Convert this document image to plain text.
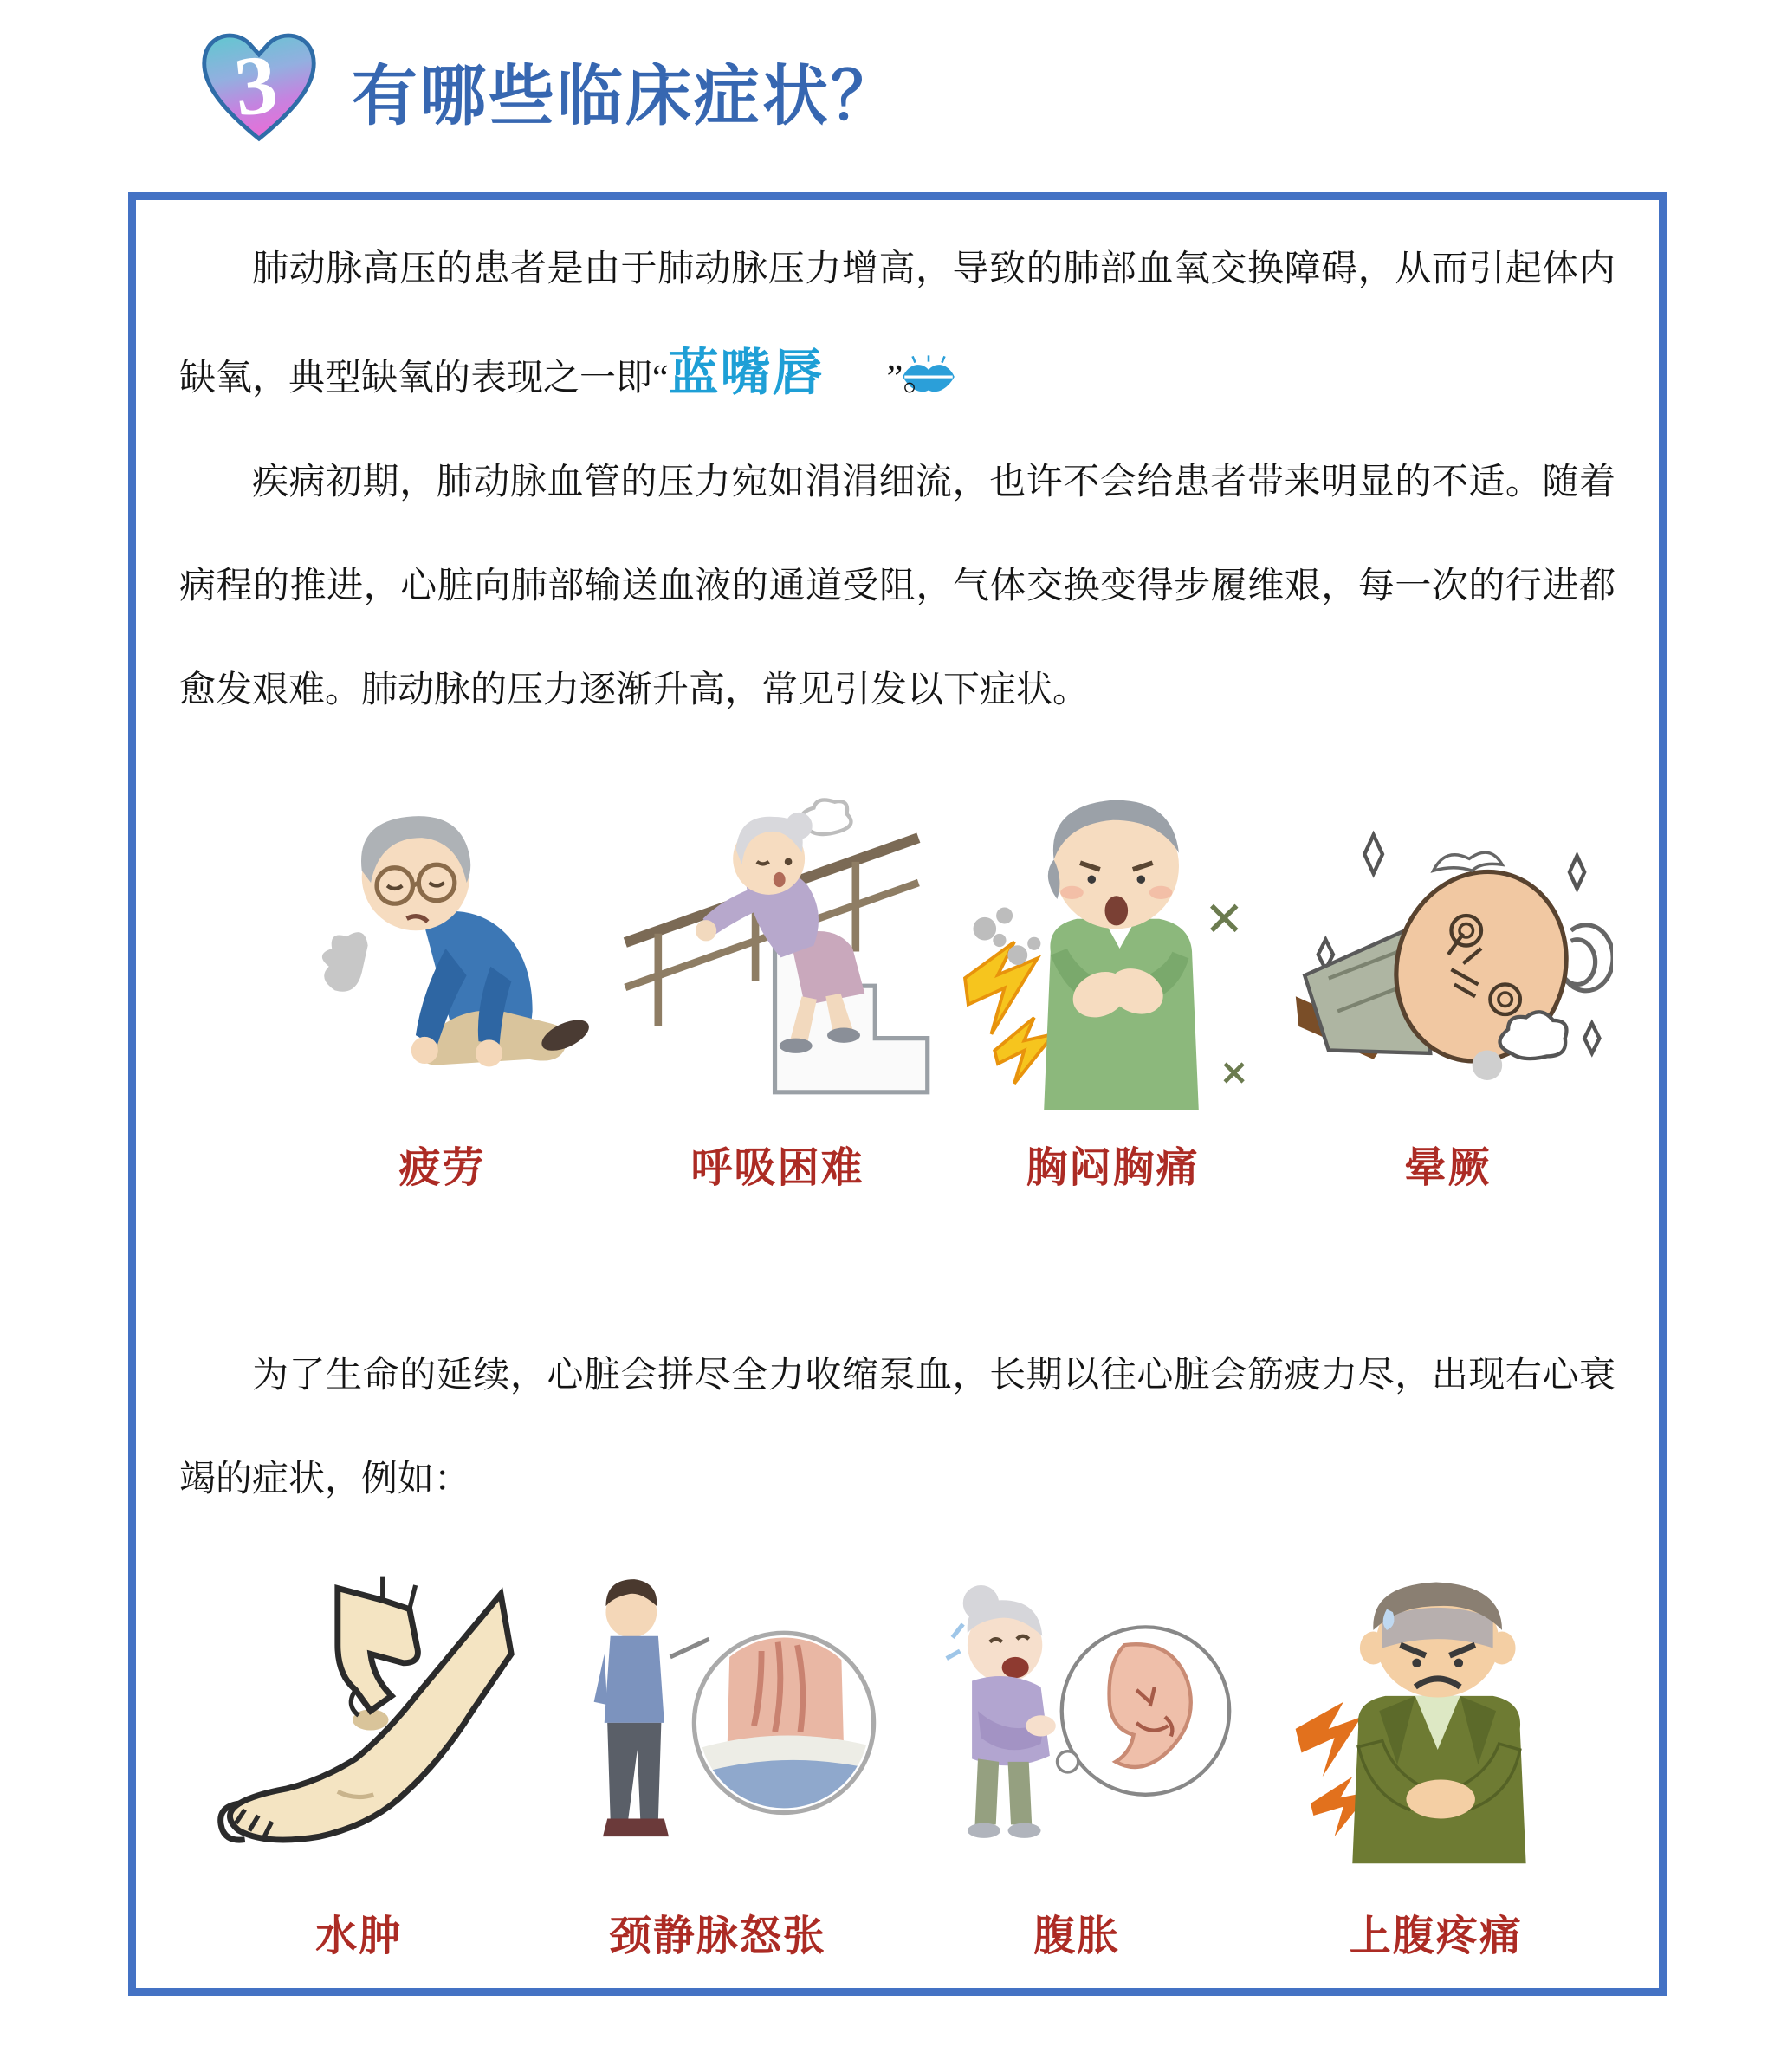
3 有哪些临床症状？

肺动脉高压的患者是由于肺动脉压力增高，导致的肺部血氧交换障碍，从而引起体内缺氧，典型缺氧的表现之一即“蓝嘴唇 ”。

疾病初期，肺动脉血管的压力宛如涓涓细流，也许不会给患者带来明显的不适。随着病程的推进，心脏向肺部输送血液的通道受阻，气体交换变得步履维艰，每一次的行进都愈发艰难。肺动脉的压力逐渐升高，常见引发以下症状。

疲劳	呼吸困难	胸闷胸痛	晕厥

为了生命的延续，心脏会拼尽全力收缩泵血，长期以往心脏会筋疲力尽，出现右心衰竭的症状，例如：

水肿	颈静脉怒张	腹胀	上腹疼痛
